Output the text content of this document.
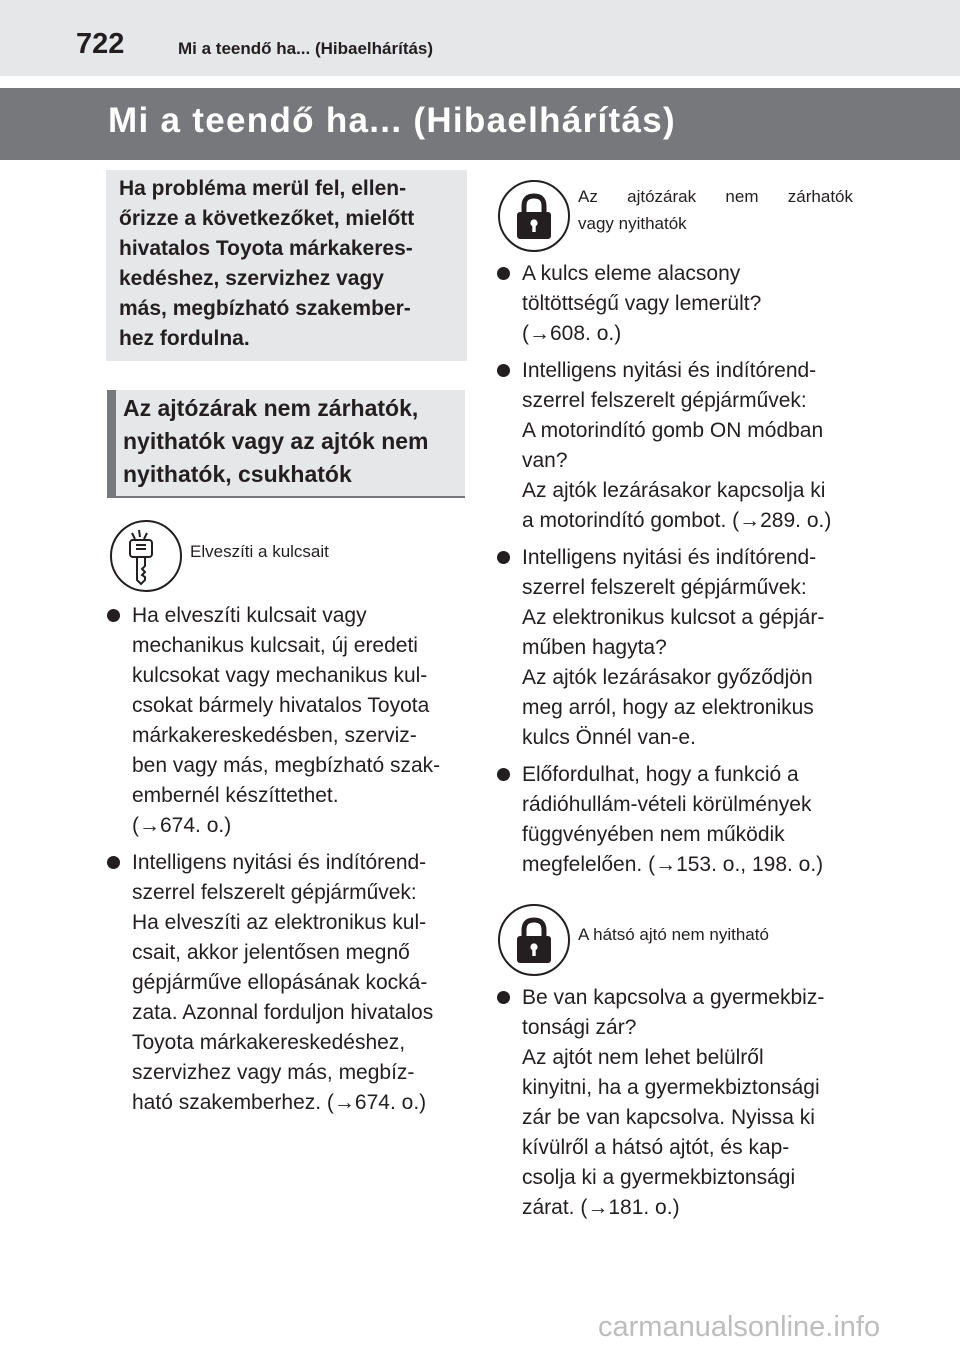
722	Mi a teendő ha... (Hibaelhárítás)
Mi a teendő ha... (Hibaelhárítás)

Ha probléma merül fel, ellen-

őrizze a következőket, mielőtt

hivatalos Toyota márkakeres-

kedéshez, szervizhez vagy

más, megbízható szakember-

hez fordulna.

Az ajtózárak nem zárhatók,
nyithatók vagy az ajtók nem
nyithatók, csukhatók
Elveszíti a kulcsait
Ha elveszíti kulcsait vagy
mechanikus kulcsait, új eredeti
kulcsokat vagy mechanikus kul-
csokat bármely hivatalos Toyota
márkakereskedésben, szerviz-
ben vagy más, megbízható szak-
embernél készíttethet.
(→674. o.)
Intelligens nyitási és indítórend-
szerrel felszerelt gépjárművek:
Ha elveszíti az elektronikus kul-
csait, akkor jelentősen megnő
gépjárműve ellopásának kocká-
zata. Azonnal forduljon hivatalos
Toyota márkakereskedéshez,
szervizhez vagy más, megbíz-
ható szakemberhez. (→674. o.)
Az ajtózárak nem zárhatók
vagy nyithatók
A kulcs eleme alacsony
töltöttségű vagy lemerült?
(→608. o.)
Intelligens nyitási és indítórend-
szerrel felszerelt gépjárművek:
A motorindító gomb ON módban
van?
Az ajtók lezárásakor kapcsolja ki
a motorindító gombot. (→289. o.)
Intelligens nyitási és indítórend-
szerrel felszerelt gépjárművek:
Az elektronikus kulcsot a gépjár-
műben hagyta?
Az ajtók lezárásakor győződjön
meg arról, hogy az elektronikus
kulcs Önnél van-e.
Előfordulhat, hogy a funkció a
rádióhullám-vételi körülmények
függvényében nem működik
megfelelően. (→153. o., 198. o.)
A hátsó ajtó nem nyitható
Be van kapcsolva a gyermekbiz-
tonsági zár?
Az ajtót nem lehet belülről
kinyitni, ha a gyermekbiztonsági
zár be van kapcsolva. Nyissa ki
kívülről a hátsó ajtót, és kap-
csolja ki a gyermekbiztonsági
zárat. (→181. o.)
carmanualsonline.info
